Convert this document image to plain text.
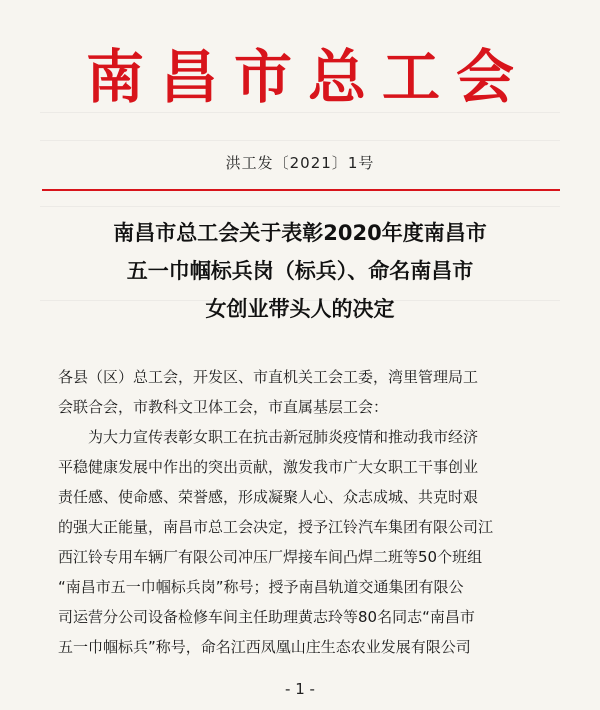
南昌市总工会
洪工发〔2021〕1号
南昌市总工会关于表彰2020年度南昌市
五一巾帼标兵岗（标兵）、命名南昌市
女创业带头人的决定
各县（区）总工会，开发区、市直机关工会工委，湾里管理局工
会联合会，市教科文卫体工会，市直属基层工会：
为大力宣传表彰女职工在抗击新冠肺炎疫情和推动我市经济
平稳健康发展中作出的突出贡献，激发我市广大女职工干事创业
责任感、使命感、荣誉感，形成凝聚人心、众志成城、共克时艰
的强大正能量，南昌市总工会决定，授予江铃汽车集团有限公司江
西江铃专用车辆厂有限公司冲压厂焊接车间凸焊二班等50个班组
“南昌市五一巾帼标兵岗”称号；授予南昌轨道交通集团有限公
司运营分公司设备检修车间主任助理黄志玲等80名同志“南昌市
五一巾帼标兵”称号，命名江西凤凰山庄生态农业发展有限公司
- 1 -
